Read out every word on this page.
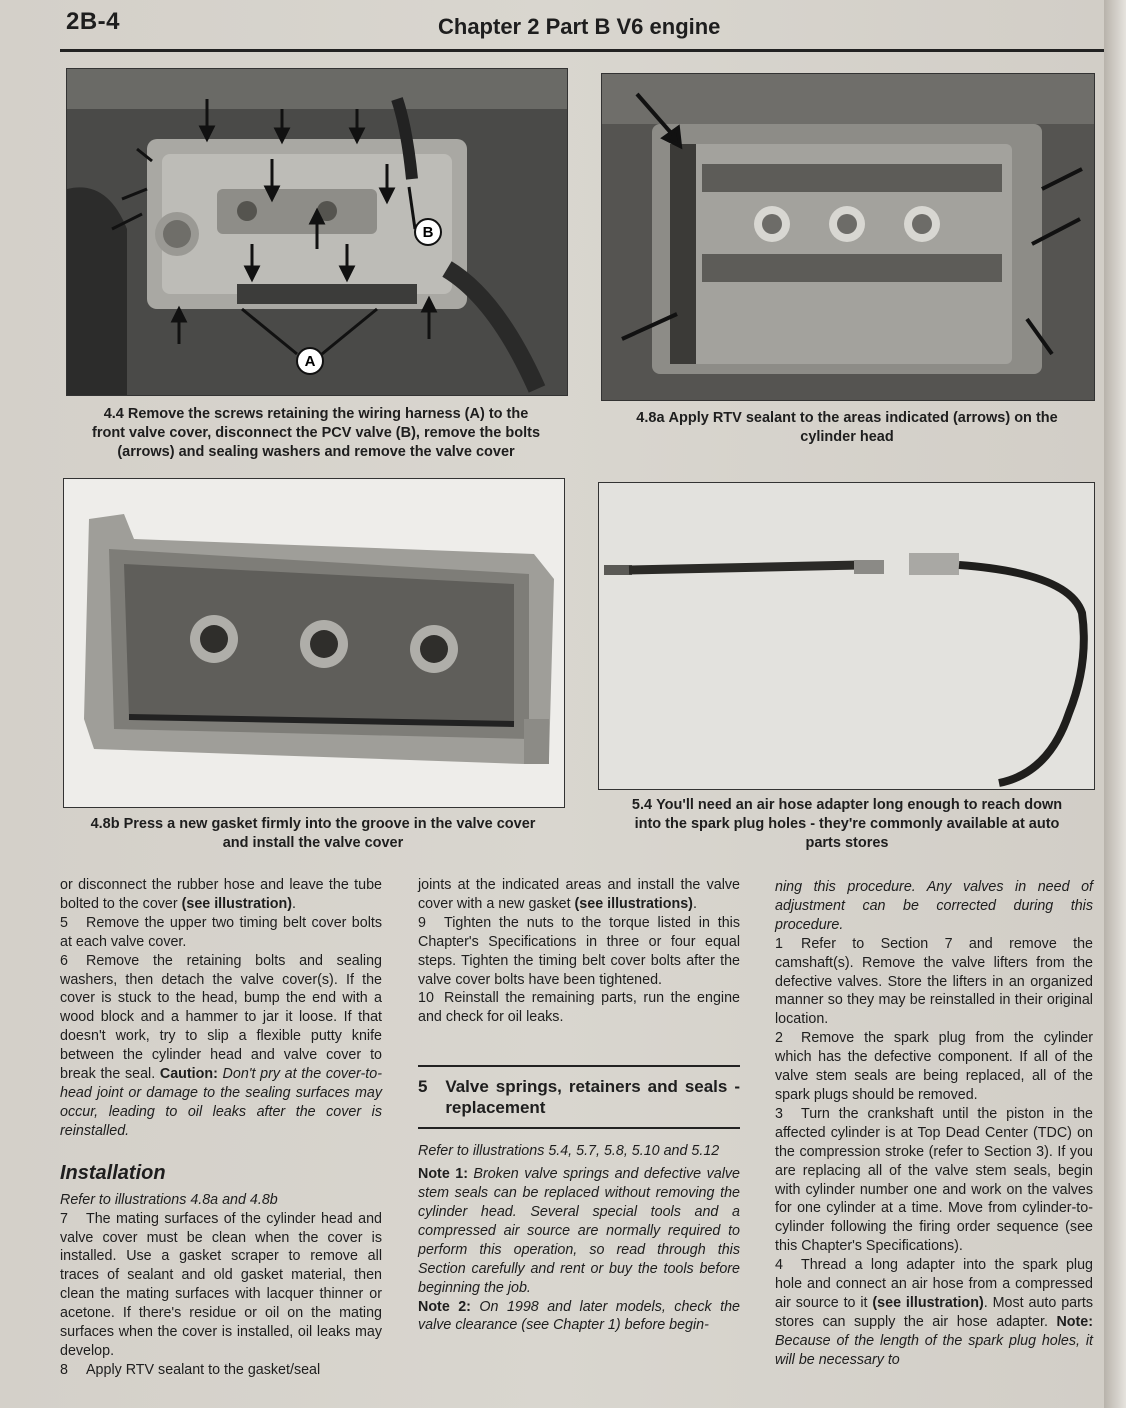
2B-4	Chapter 2 Part B V6 engine
B
A
4.4 Remove the screws retaining the wiring harness (A) to the
front valve cover, disconnect the PCV valve (B), remove the bolts
(arrows) and sealing washers and remove the valve cover
4.8a Apply RTV sealant to the areas indicated (arrows) on the
cylinder head
5.4 You'll need an air hose adapter long enough to reach down
into the spark plug holes - they're commonly available at auto
parts stores
4.8b Press a new gasket firmly into the groove in the valve cover
and install the valve cover

or disconnect the rubber hose and leave the tube bolted to the cover (see illustration).

5 Remove the upper two timing belt cover bolts at each valve cover.

6 Remove the retaining bolts and sealing washers, then detach the valve cover(s). If the cover is stuck to the head, bump the end with a wood block and a hammer to jar it loose. If that doesn't work, try to slip a flexible putty knife between the cylinder head and valve cover to break the seal. Caution: Don't pry at the cover-to-head joint or damage to the sealing surfaces may occur, leading to oil leaks after the cover is reinstalled.

Installation

Refer to illustrations 4.8a and 4.8b

7 The mating surfaces of the cylinder head and valve cover must be clean when the cover is installed. Use a gasket scraper to remove all traces of sealant and old gasket material, then clean the mating surfaces with lacquer thinner or acetone. If there's residue or oil on the mating surfaces when the cover is installed, oil leaks may develop.

8 Apply RTV sealant to the gasket/seal

joints at the indicated areas and install the valve cover with a new gasket (see illustrations).

9 Tighten the nuts to the torque listed in this Chapter's Specifications in three or four equal steps. Tighten the timing belt cover bolts after the valve cover bolts have been tightened.

10 Reinstall the remaining parts, run the engine and check for oil leaks.

5	Valve springs, retainers and seals - replacement

Refer to illustrations 5.4, 5.7, 5.8, 5.10 and 5.12

Note 1: Broken valve springs and defective valve stem seals can be replaced without removing the cylinder head. Several special tools and a compressed air source are normally required to perform this operation, so read through this Section carefully and rent or buy the tools before beginning the job.

Note 2: On 1998 and later models, check the valve clearance (see Chapter 1) before begin-

ning this procedure. Any valves in need of adjustment can be corrected during this procedure.

1 Refer to Section 7 and remove the camshaft(s). Remove the valve lifters from the defective valves. Store the lifters in an organized manner so they may be reinstalled in their original location.

2 Remove the spark plug from the cylinder which has the defective component. If all of the valve stem seals are being replaced, all of the spark plugs should be removed.

3 Turn the crankshaft until the piston in the affected cylinder is at Top Dead Center (TDC) on the compression stroke (refer to Section 3). If you are replacing all of the valve stem seals, begin with cylinder number one and work on the valves for one cylinder at a time. Move from cylinder-to-cylinder following the firing order sequence (see this Chapter's Specifications).

4 Thread a long adapter into the spark plug hole and connect an air hose from a compressed air source to it (see illustration). Most auto parts stores can supply the air hose adapter. Note: Because of the length of the spark plug holes, it will be necessary to
